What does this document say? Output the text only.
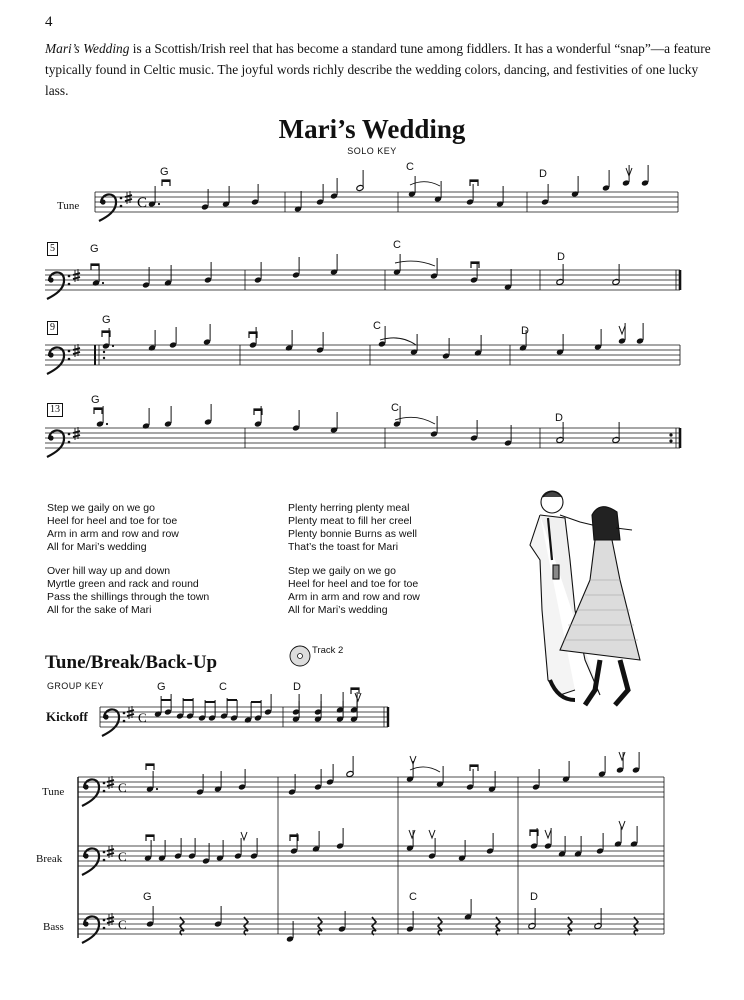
4
Mari’s Wedding is a Scottish/Irish reel that has become a standard tune among fiddlers. It has a wonderful “snap”—a feature typically found in Celtic music. The joyful words richly describe the wedding colors, dancing, and festivities of one lucky lass.
Mari’s Wedding
SOLO KEY
C
C
C
C
C
Tune
5
9
13
G	C
D
G	C
D
G	C	D
G
C
D
Step we gaily on we go
Heel for heel and toe for toe
Arm in arm and row and row
All for Mari’s wedding
Over hill way up and down
Myrtle green and rack and round
Pass the shillings through the town
All for the sake of Mari
Plenty herring plenty meal
Plenty meat to fill her creel
Plenty bonnie Burns as well
That’s the toast for Mari
Step we gaily on we go
Heel for heel and toe for toe
Arm in arm and row and row
All for Mari’s wedding
Track 2
Tune/Break/Back-Up
GROUP KEY
Kickoff
G	C	D
Tune
Break
Bass
G	C	D
